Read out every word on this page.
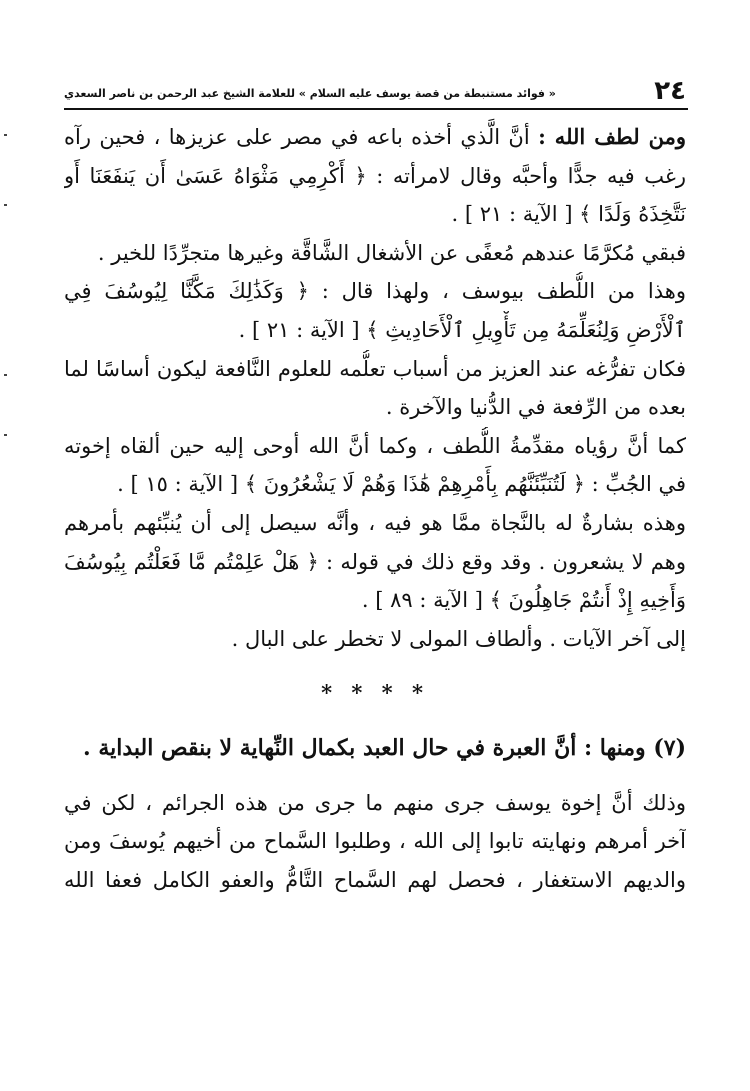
٢٤
« فوائد مستنبطة من قصة يوسف عليه السلام » للعلامة الشيخ عبد الرحمن بن ناصر السعدي
ومن لطف الله : أنَّ الَّذي أخذه باعه في مصر على عزيزها ، فحين رآه
رغب فيه جدًّا وأحبَّه وقال لامرأته : ﴿ أَكْرِمِي مَثْوَاهُ عَسَىٰ أَن يَنفَعَنَا أَو
نَتَّخِذَهُ وَلَدًا ﴾ [ الآية : ٢١ ] .
فبقي مُكرَّمًا عندهم مُعفًى عن الأشغال الشَّاقَّة وغيرها متجرِّدًا للخير .
وهذا من اللُّطف بيوسف ، ولهذا قال : ﴿ وَكَذَٰلِكَ مَكَّنَّا لِيُوسُفَ فِي
ٱلْأَرْضِ وَلِنُعَلِّمَهُ مِن تَأْوِيلِ ٱلْأَحَادِيثِ ﴾ [ الآية : ٢١ ] .
فكان تفرُّغه عند العزيز من أسباب تعلُّمه للعلوم النَّافعة ليكون أساسًا لما
بعده من الرِّفعة في الدُّنيا والآخرة .
كما أنَّ رؤياه مقدِّمةُ اللُّطف ، وكما أنَّ الله أوحى إليه حين ألقاه إخوته
في الجُبِّ : ﴿ لَتُنَبِّئَنَّهُم بِأَمْرِهِمْ هَٰذَا وَهُمْ لَا يَشْعُرُونَ ﴾ [ الآية : ١٥ ] .
وهذه بشارةٌ له بالنَّجاة ممَّا هو فيه ، وأنَّه سيصل إلى أن يُنبِّئهم بأمرهم
وهم لا يشعرون . وقد وقع ذلك في قوله : ﴿ هَلْ عَلِمْتُم مَّا فَعَلْتُم بِيُوسُفَ
وَأَخِيهِ إِذْ أَنتُمْ جَاهِلُونَ ﴾ [ الآية : ٨٩ ] .
إلى آخر الآيات . وألطاف المولى لا تخطر على البال .
* * * *
(٧) ومنها : أنَّ العبرة في حال العبد بكمال النِّهاية لا بنقص البداية .
وذلك أنَّ إخوة يوسف جرى منهم ما جرى من هذه الجرائم ، لكن في
آخر أمرهم ونهايته تابوا إلى الله ، وطلبوا السَّماح من أخيهم يُوسفَ ومن
والديهم الاستغفار ، فحصل لهم السَّماح التَّامُّ والعفو الكامل فعفا الله
